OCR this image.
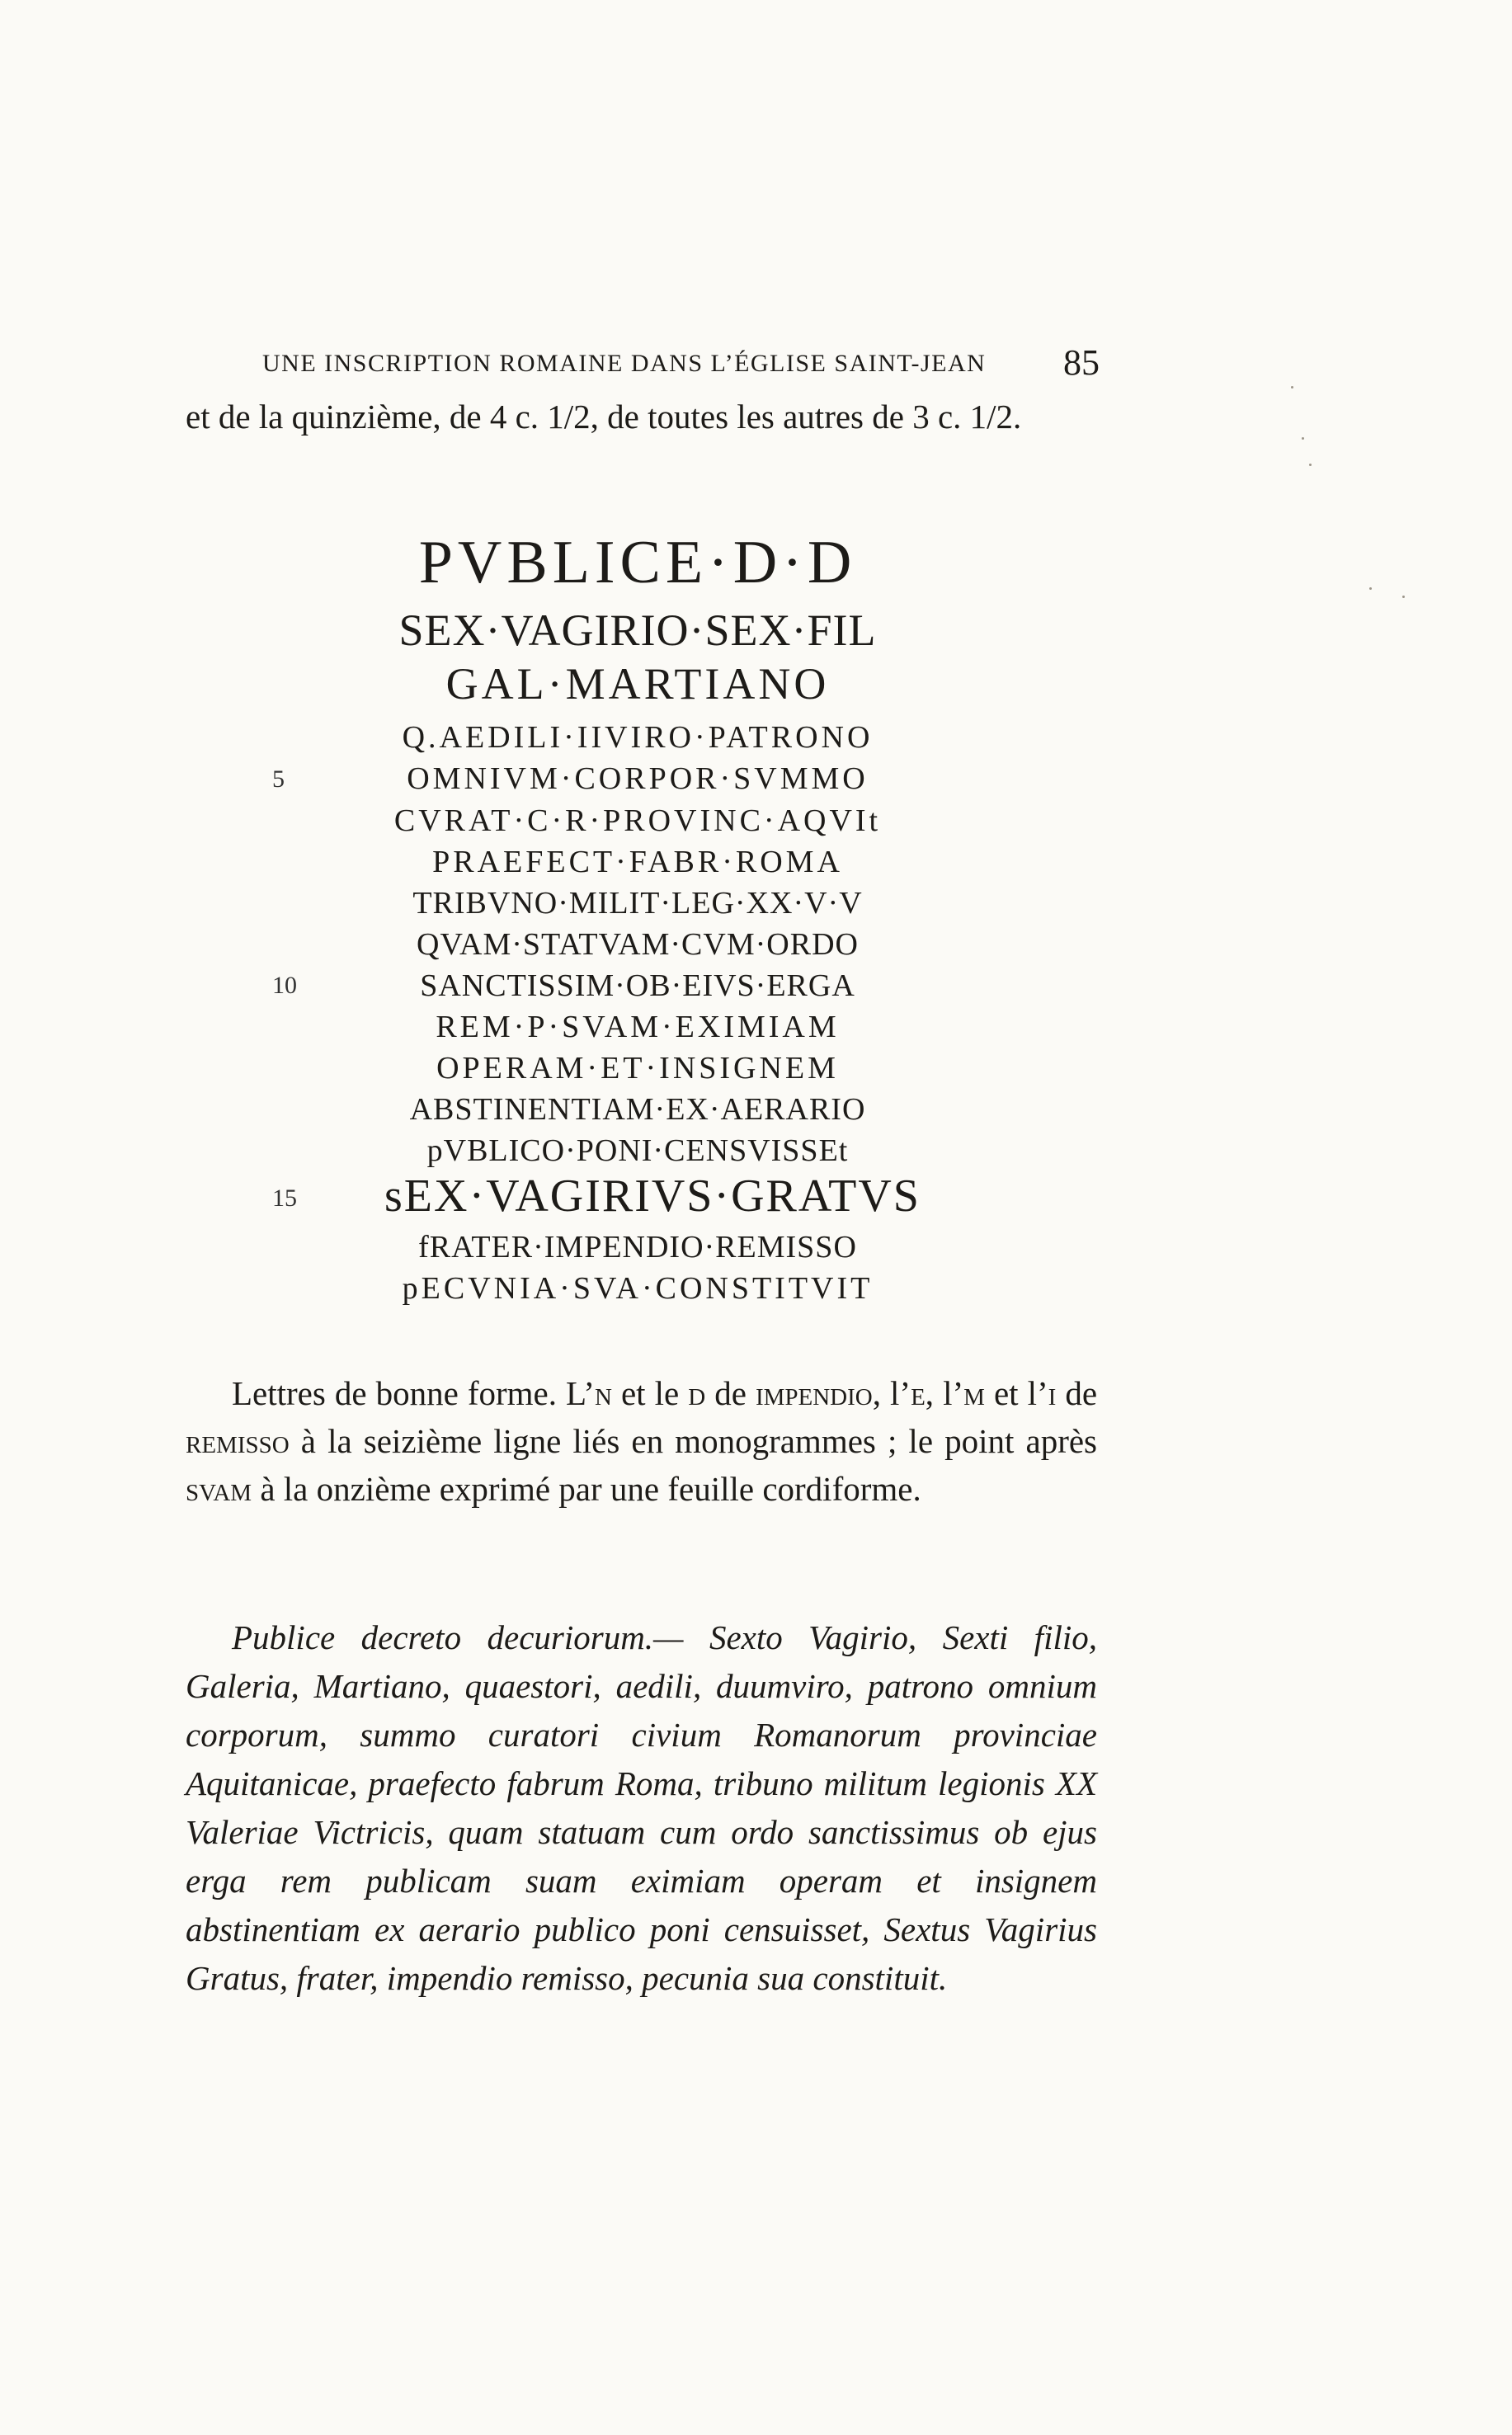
UNE INSCRIPTION ROMAINE DANS L’ÉGLISE SAINT-JEAN 85

et de la quinzième, de 4 c. 1/2, de toutes les autres de 3 c. 1/2.

PVBLICE·D·D
SEX·VAGIRIO·SEX·FIL
GAL·MARTIANO
Q.AEDILI·IIVIRO·PATRONO
OMNIVM·CORPOR·SVMMO
CVRAT·C·R·PROVINC·AQVIt
PRAEFECT·FABR·ROMA
TRIBVNO·MILIT·LEG·XX·V·V
QVAM·STATVAM·CVM·ORDO
SANCTISSIM·OB·EIVS·ERGA
REM·P·SVAM·EXIMIAM
OPERAM·ET·INSIGNEM
ABSTINENTIAM·EX·AERARIO
pVBLICO·PONI·CENSVISSEt
sEX·VAGIRIVS·GRATVS
fRATER·IMPENDIO·REMISSO
pECVNIA·SVA·CONSTITVIT
5
10
15

Lettres de bonne forme. L’n et le d de impendio, l’e, l’m et l’i de remisso à la seizième ligne liés en monogrammes ; le point après svam à la onzième exprimé par une feuille cordiforme.

Publice decreto decuriorum.— Sexto Vagirio, Sexti filio, Galeria, Martiano, quaestori, aedili, duumviro, patrono omnium corporum, summo curatori civium Romanorum provinciae Aquitanicae, praefecto fabrum Roma, tribuno militum legionis XX Valeriae Victricis, quam statuam cum ordo sanctissimus ob ejus erga rem publicam suam eximiam operam et insignem abstinentiam ex aerario publico poni censuisset, Sextus Vagirius Gratus, frater, impendio remisso, pecunia sua constituit.
